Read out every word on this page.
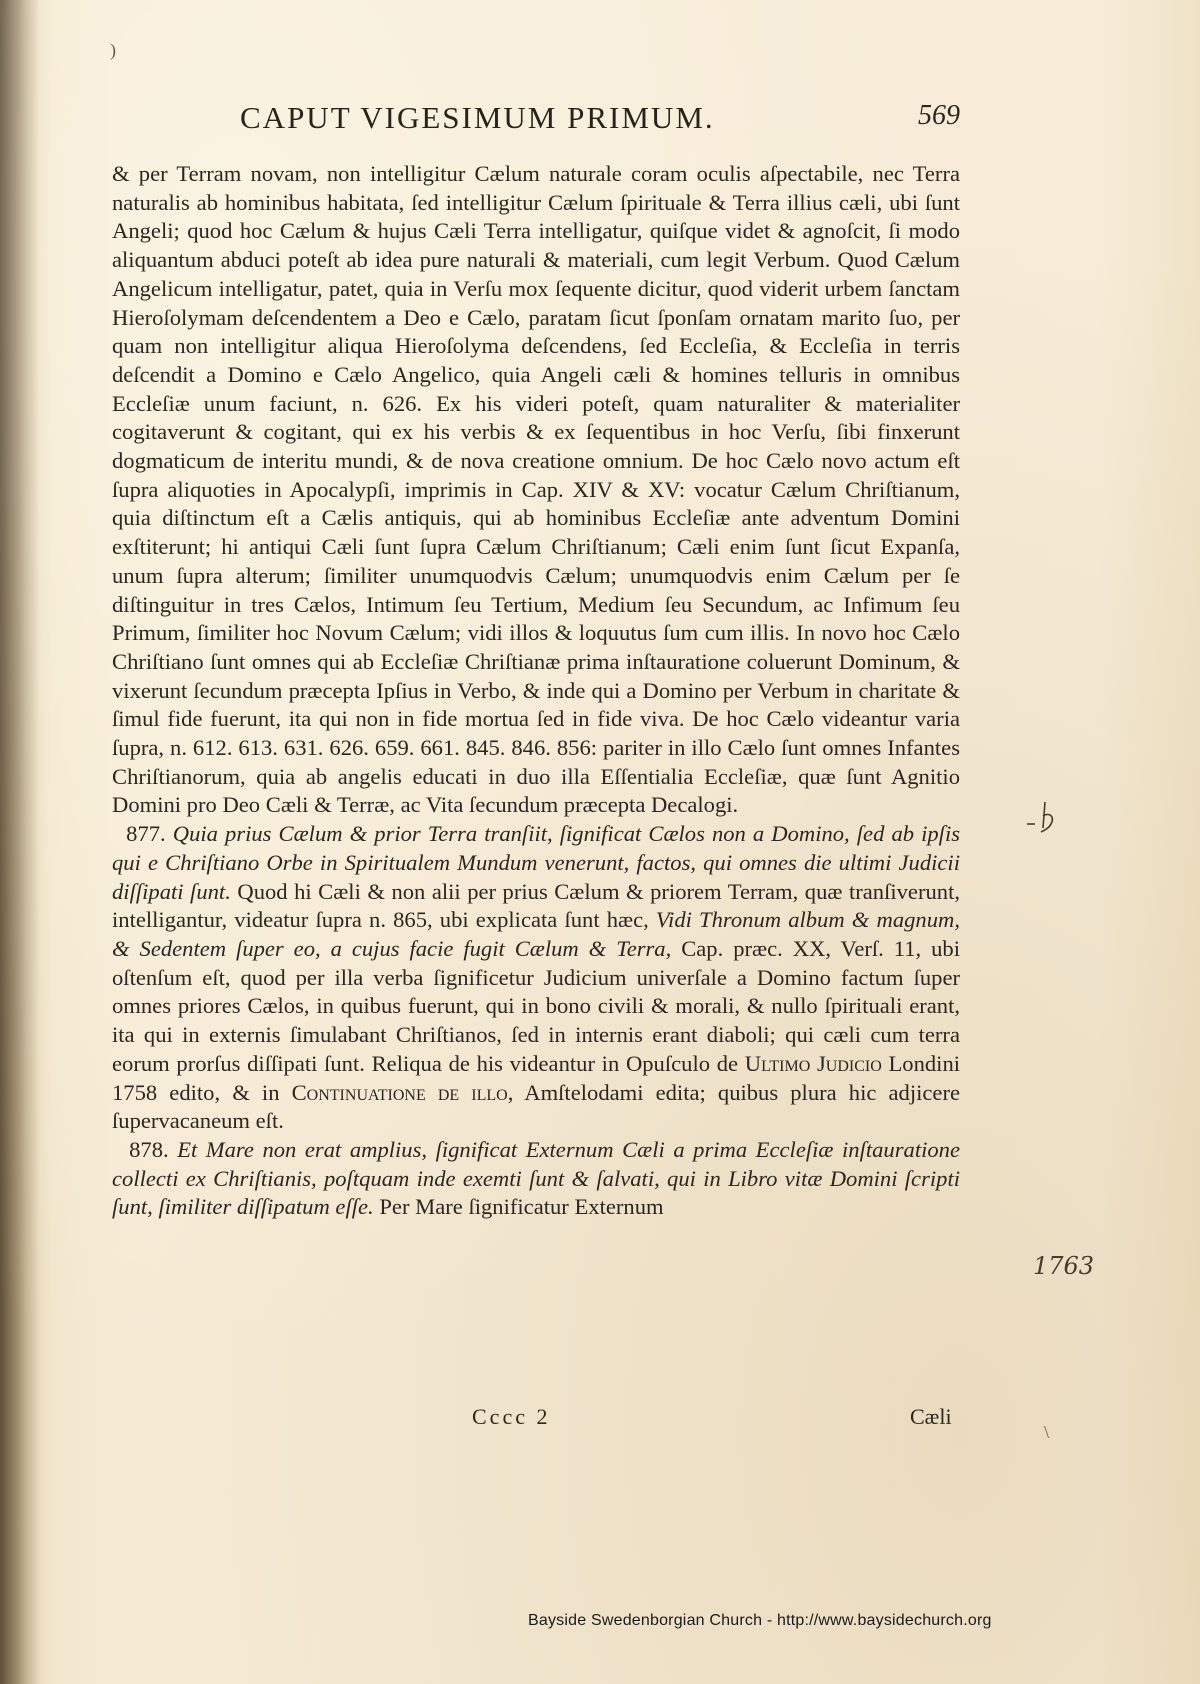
CAPUT VIGESIMUM PRIMUM.	569

& per Terram novam, non intelligitur Cælum naturale coram oculis aſpectabile, nec Terra naturalis ab hominibus habitata, ſed intelligitur Cælum ſpirituale & Terra illius cæli, ubi ſunt Angeli; quod hoc Cælum & hujus Cæli Terra intelligatur, quiſque videt & agnoſcit, ſi modo aliquantum abduci poteſt ab idea pure naturali & materiali, cum legit Verbum. Quod Cælum Angelicum intelligatur, patet, quia in Verſu mox ſequente dicitur, quod viderit urbem ſanctam Hieroſolymam deſcendentem a Deo e Cælo, paratam ſicut ſponſam ornatam marito ſuo, per quam non intelligitur aliqua Hieroſolyma deſcendens, ſed Eccleſia, & Eccleſia in terris deſcendit a Domino e Cælo Angelico, quia Angeli cæli & homines telluris in omnibus Eccleſiæ unum faciunt, n. 626. Ex his videri poteſt, quam naturaliter & materialiter cogitaverunt & cogitant, qui ex his verbis & ex ſequentibus in hoc Verſu, ſibi finxerunt dogmaticum de interitu mundi, & de nova creatione omnium. De hoc Cælo novo actum eſt ſupra aliquoties in Apocalypſi, imprimis in Cap. XIV & XV: vocatur Cælum Chriſtianum, quia diſtinctum eſt a Cælis antiquis, qui ab hominibus Eccleſiæ ante adventum Domini exſtiterunt; hi antiqui Cæli ſunt ſupra Cælum Chriſtianum; Cæli enim ſunt ſicut Expanſa, unum ſupra alterum; ſimiliter unumquodvis Cælum; unumquodvis enim Cælum per ſe diſtinguitur in tres Cælos, Intimum ſeu Tertium, Medium ſeu Secundum, ac Infimum ſeu Primum, ſimiliter hoc Novum Cælum; vidi illos & loquutus ſum cum illis. In novo hoc Cælo Chriſtiano ſunt omnes qui ab Eccleſiæ Chriſtianæ prima inſtauratione coluerunt Dominum, & vixerunt ſecundum præcepta Ipſius in Verbo, & inde qui a Domino per Verbum in charitate & ſimul fide fuerunt, ita qui non in fide mortua ſed in fide viva. De hoc Cælo videantur varia ſupra, n. 612. 613. 631. 626. 659. 661. 845. 846. 856: pariter in illo Cælo ſunt omnes Infantes Chriſtianorum, quia ab angelis educati in duo illa Eſſentialia Eccleſiæ, quæ ſunt Agnitio Domini pro Deo Cæli & Terræ, ac Vita ſecundum præcepta Decalogi.

877. Quia prius Cælum & prior Terra tranſiit, ſignificat Cælos non a Domino, ſed ab ipſis qui e Chriſtiano Orbe in Spiritualem Mundum venerunt, factos, qui omnes die ultimi Judicii diſſipati ſunt. Quod hi Cæli & non alii per prius Cælum & priorem Terram, quæ tranſiverunt, intelligantur, videatur ſupra n. 865, ubi explicata ſunt hæc, Vidi Thronum album & magnum, & Sedentem ſuper eo, a cujus facie fugit Cælum & Terra, Cap. præc. XX, Verſ. 11, ubi oſtenſum eſt, quod per illa verba ſignificetur Judicium univerſale a Domino factum ſuper omnes priores Cælos, in quibus fuerunt, qui in bono civili & morali, & nullo ſpirituali erant, ita qui in externis ſimulabant Chriſtianos, ſed in internis erant diaboli; qui cæli cum terra eorum prorſus diſſipati ſunt. Reliqua de his videantur in Opuſculo de Ultimo Judicio Londini 1758 edito, & in Continuatione de illo, Amſtelodami edita; quibus plura hic adjicere ſupervacaneum eſt.

878. Et Mare non erat amplius, ſignificat Externum Cæli a prima Eccleſiæ inſtauratione collecti ex Chriſtianis, poſtquam inde exemti ſunt & ſalvati, qui in Libro vitæ Domini ſcripti ſunt, ſimiliter diſſipatum eſſe. Per Mare ſignificatur Externum

Cccc 2	Cæli
1763
)
\
Bayside Swedenborgian Church - http://www.baysidechurch.org
